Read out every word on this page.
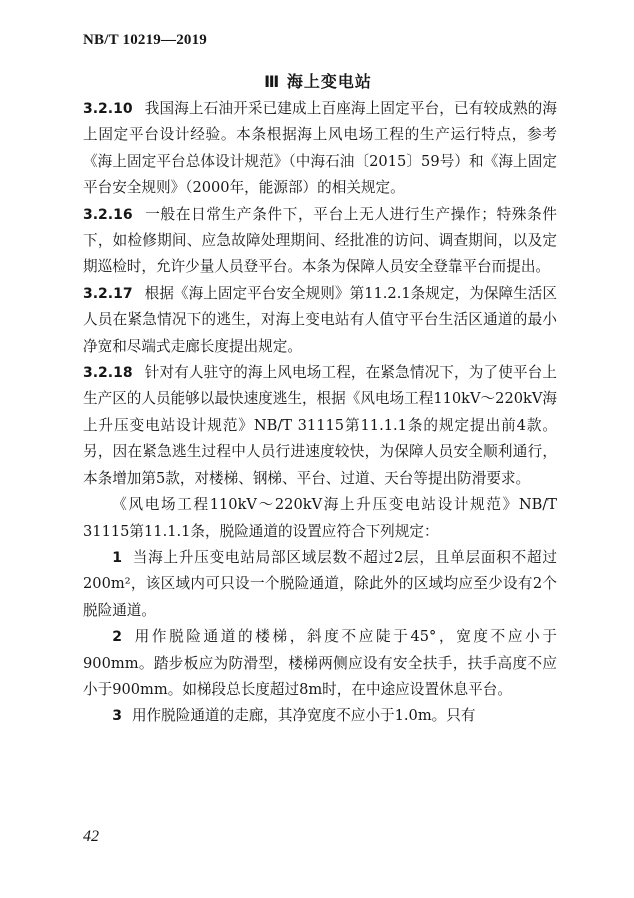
NB/T 10219—2019
Ⅲ 海上变电站

3.2.10 我国海上石油开采已建成上百座海上固定平台，已有较成熟的海上固定平台设计经验。本条根据海上风电场工程的生产运行特点，参考《海上固定平台总体设计规范》（中海石油〔2015〕59号）和《海上固定平台安全规则》（2000年，能源部）的相关规定。

3.2.16 一般在日常生产条件下，平台上无人进行生产操作；特殊条件下，如检修期间、应急故障处理期间、经批准的访问、调查期间，以及定期巡检时，允许少量人员登平台。本条为保障人员安全登靠平台而提出。

3.2.17 根据《海上固定平台安全规则》第11.2.1条规定，为保障生活区人员在紧急情况下的逃生，对海上变电站有人值守平台生活区通道的最小净宽和尽端式走廊长度提出规定。

3.2.18 针对有人驻守的海上风电场工程，在紧急情况下，为了使平台上生产区的人员能够以最快速度逃生，根据《风电场工程110kV～220kV海上升压变电站设计规范》NB/T 31115第11.1.1条的规定提出前4款。另，因在紧急逃生过程中人员行进速度较快，为保障人员安全顺利通行，本条增加第5款，对楼梯、钢梯、平台、过道、天台等提出防滑要求。

《风电场工程110kV～220kV海上升压变电站设计规范》NB/T 31115第11.1.1条，脱险通道的设置应符合下列规定：

1 当海上升压变电站局部区域层数不超过2层，且单层面积不超过200m²，该区域内可只设一个脱险通道，除此外的区域均应至少设有2个脱险通道。

2 用作脱险通道的楼梯，斜度不应陡于45°，宽度不应小于900mm。踏步板应为防滑型，楼梯两侧应设有安全扶手，扶手高度不应小于900mm。如梯段总长度超过8m时，在中途应设置休息平台。

3 用作脱险通道的走廊，其净宽度不应小于1.0m。只有

42
